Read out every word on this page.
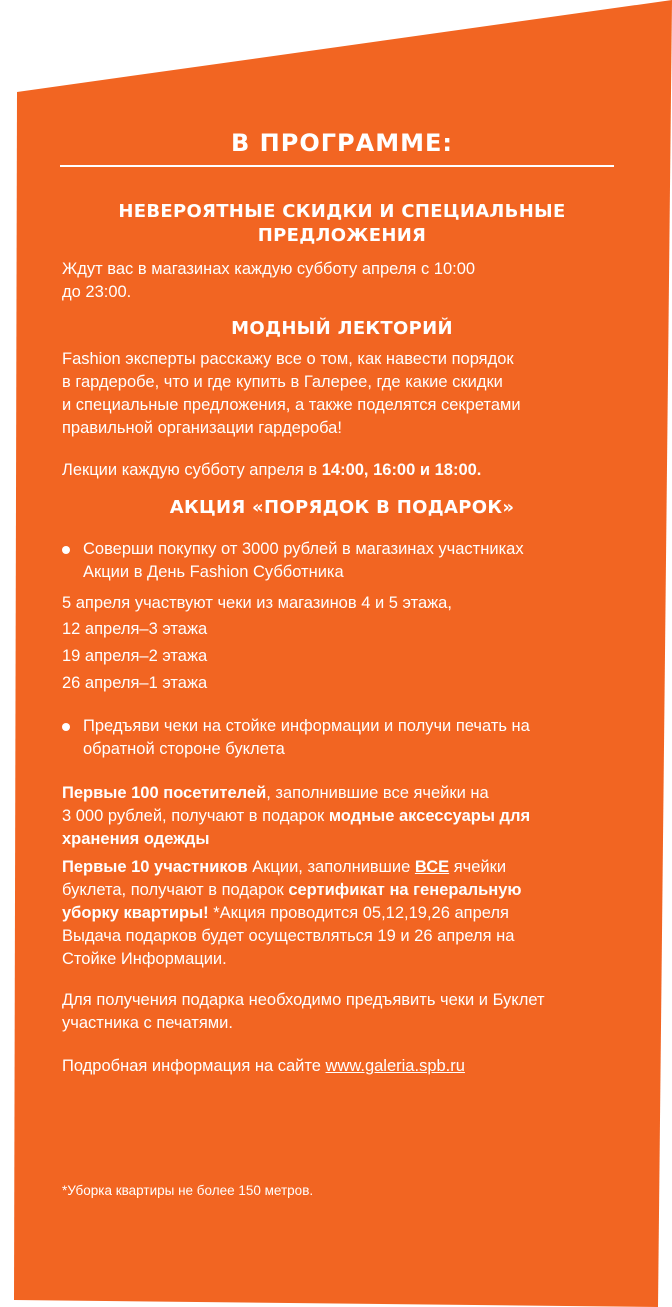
В ПРОГРАММЕ:
НЕВЕРОЯТНЫЕ СКИДКИ И СПЕЦИАЛЬНЫЕ ПРЕДЛОЖЕНИЯ

Ждут вас в магазинах каждую субботу апреля с 10:00
до 23:00.

МОДНЫЙ ЛЕКТОРИЙ

Fashion эксперты расскажу все о том, как навести порядок
в гардеробе, что и где купить в Галерее, где какие скидки
и специальные предложения, а также поделятся секретами
правильной организации гардероба!

Лекции каждую субботу апреля в 14:00, 16:00 и 18:00.

АКЦИЯ «ПОРЯДОК В ПОДАРОК»

Соверши покупку от 3000 рублей в магазинах участниках
Акции в День Fashion Субботника

5 апреля участвуют чеки из магазинов 4 и 5 этажа,

12 апреля–3 этажа

19 апреля–2 этажа

26 апреля–1 этажа

Предъяви чеки на стойке информации и получи печать на
обратной стороне буклета

Первые 100 посетителей, заполнившие все ячейки на
3 000 рублей, получают в подарок модные аксессуары для
хранения одежды

Первые 10 участников Акции, заполнившие ВСЕ ячейки
буклета, получают в подарок сертификат на генеральную
уборку квартиры! *Акция проводится 05,12,19,26 апреля
Выдача подарков будет осуществляться 19 и 26 апреля на
Стойке Информации.

Для получения подарка необходимо предъявить чеки и Буклет
участника с печатями.

Подробная информация на сайте www.galeria.spb.ru

*Уборка квартиры не более 150 метров.
